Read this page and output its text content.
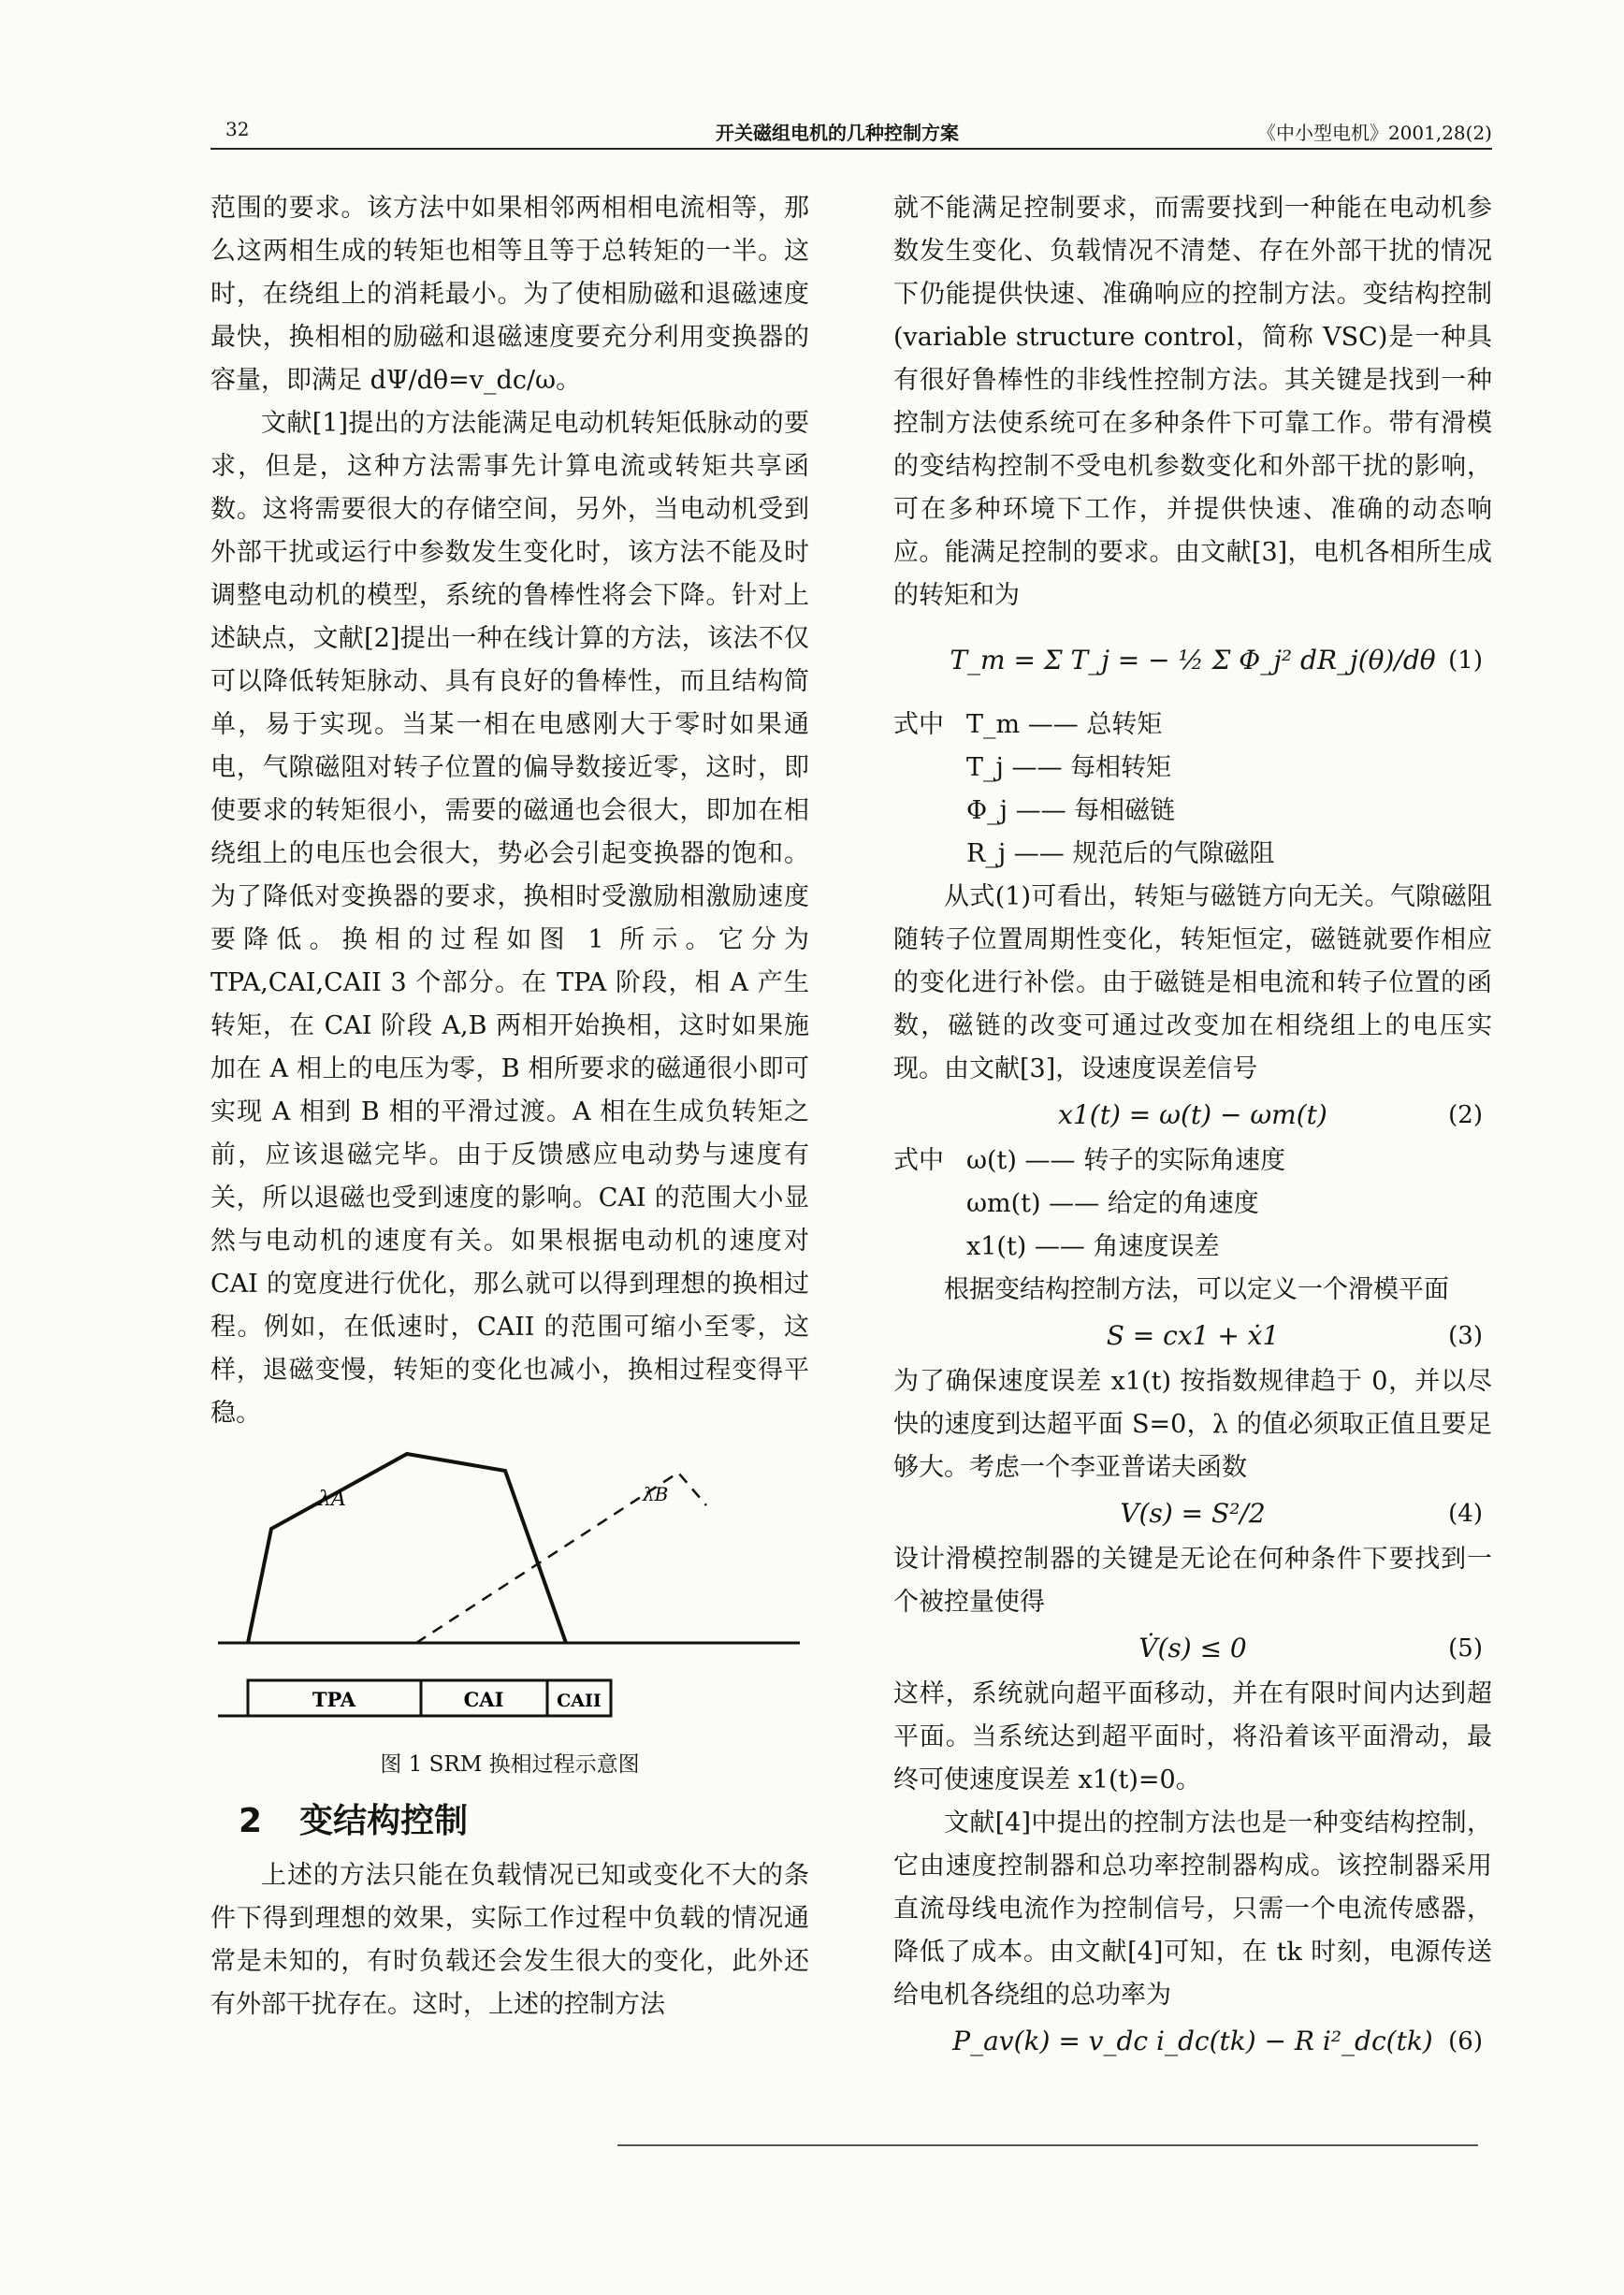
32	开关磁组电机的几种控制方案	《中小型电机》2001,28(2)

范围的要求。该方法中如果相邻两相相电流相等，那么这两相生成的转矩也相等且等于总转矩的一半。这时，在绕组上的消耗最小。为了使相励磁和退磁速度最快，换相相的励磁和退磁速度要充分利用变换器的容量，即满足 dΨ/dθ=v_dc/ω。

文献[1]提出的方法能满足电动机转矩低脉动的要求，但是，这种方法需事先计算电流或转矩共享函数。这将需要很大的存储空间，另外，当电动机受到外部干扰或运行中参数发生变化时，该方法不能及时调整电动机的模型，系统的鲁棒性将会下降。针对上述缺点，文献[2]提出一种在线计算的方法，该法不仅可以降低转矩脉动、具有良好的鲁棒性，而且结构简单，易于实现。当某一相在电感刚大于零时如果通电，气隙磁阻对转子位置的偏导数接近零，这时，即使要求的转矩很小，需要的磁通也会很大，即加在相绕组上的电压也会很大，势必会引起变换器的饱和。为了降低对变换器的要求，换相时受激励相激励速度要降低。换相的过程如图 1 所示。它分为 TPA,CAI,CAII 3 个部分。在 TPA 阶段，相 A 产生转矩，在 CAI 阶段 A,B 两相开始换相，这时如果施加在 A 相上的电压为零，B 相所要求的磁通很小即可实现 A 相到 B 相的平滑过渡。A 相在生成负转矩之前，应该退磁完毕。由于反馈感应电动势与速度有关，所以退磁也受到速度的影响。CAI 的范围大小显然与电动机的速度有关。如果根据电动机的速度对 CAI 的宽度进行优化，那么就可以得到理想的换相过程。例如，在低速时，CAII 的范围可缩小至零，这样，退磁变慢，转矩的变化也减小，换相过程变得平稳。

λA	λB
TPA	CAI	CAII
图 1 SRM 换相过程示意图
2 变结构控制

上述的方法只能在负载情况已知或变化不大的条件下得到理想的效果，实际工作过程中负载的情况通常是未知的，有时负载还会发生很大的变化，此外还有外部干扰存在。这时，上述的控制方法

就不能满足控制要求，而需要找到一种能在电动机参数发生变化、负载情况不清楚、存在外部干扰的情况下仍能提供快速、准确响应的控制方法。变结构控制(variable structure control，简称 VSC)是一种具有很好鲁棒性的非线性控制方法。其关键是找到一种控制方法使系统可在多种条件下可靠工作。带有滑模的变结构控制不受电机参数变化和外部干扰的影响，可在多种环境下工作，并提供快速、准确的动态响应。能满足控制的要求。由文献[3]，电机各相所生成的转矩和为

T_m = Σ T_j = − ½ Σ Φ_j² dR_j(θ)/dθ (1)
式中 T_m —— 总转矩
T_j —— 每相转矩
Φ_j —— 每相磁链
R_j —— 规范后的气隙磁阻

从式(1)可看出，转矩与磁链方向无关。气隙磁阻随转子位置周期性变化，转矩恒定，磁链就要作相应的变化进行补偿。由于磁链是相电流和转子位置的函数，磁链的改变可通过改变加在相绕组上的电压实现。由文献[3]，设速度误差信号

x1(t) = ω(t) − ωm(t)	(2)
式中 ω(t) —— 转子的实际角速度
ωm(t) —— 给定的角速度
x1(t) —— 角速度误差

根据变结构控制方法，可以定义一个滑模平面

S = cx1 + ẋ1	(3)

为了确保速度误差 x1(t) 按指数规律趋于 0，并以尽快的速度到达超平面 S=0，λ 的值必须取正值且要足够大。考虑一个李亚普诺夫函数

V(s) = S²/2	(4)

设计滑模控制器的关键是无论在何种条件下要找到一个被控量使得

V̇(s) ≤ 0	(5)

这样，系统就向超平面移动，并在有限时间内达到超平面。当系统达到超平面时，将沿着该平面滑动，最终可使速度误差 x1(t)=0。

文献[4]中提出的控制方法也是一种变结构控制，它由速度控制器和总功率控制器构成。该控制器采用直流母线电流作为控制信号，只需一个电流传感器，降低了成本。由文献[4]可知，在 tk 时刻，电源传送给电机各绕组的总功率为

P_av(k) = v_dc i_dc(tk) − R i²_dc(tk) (6)
